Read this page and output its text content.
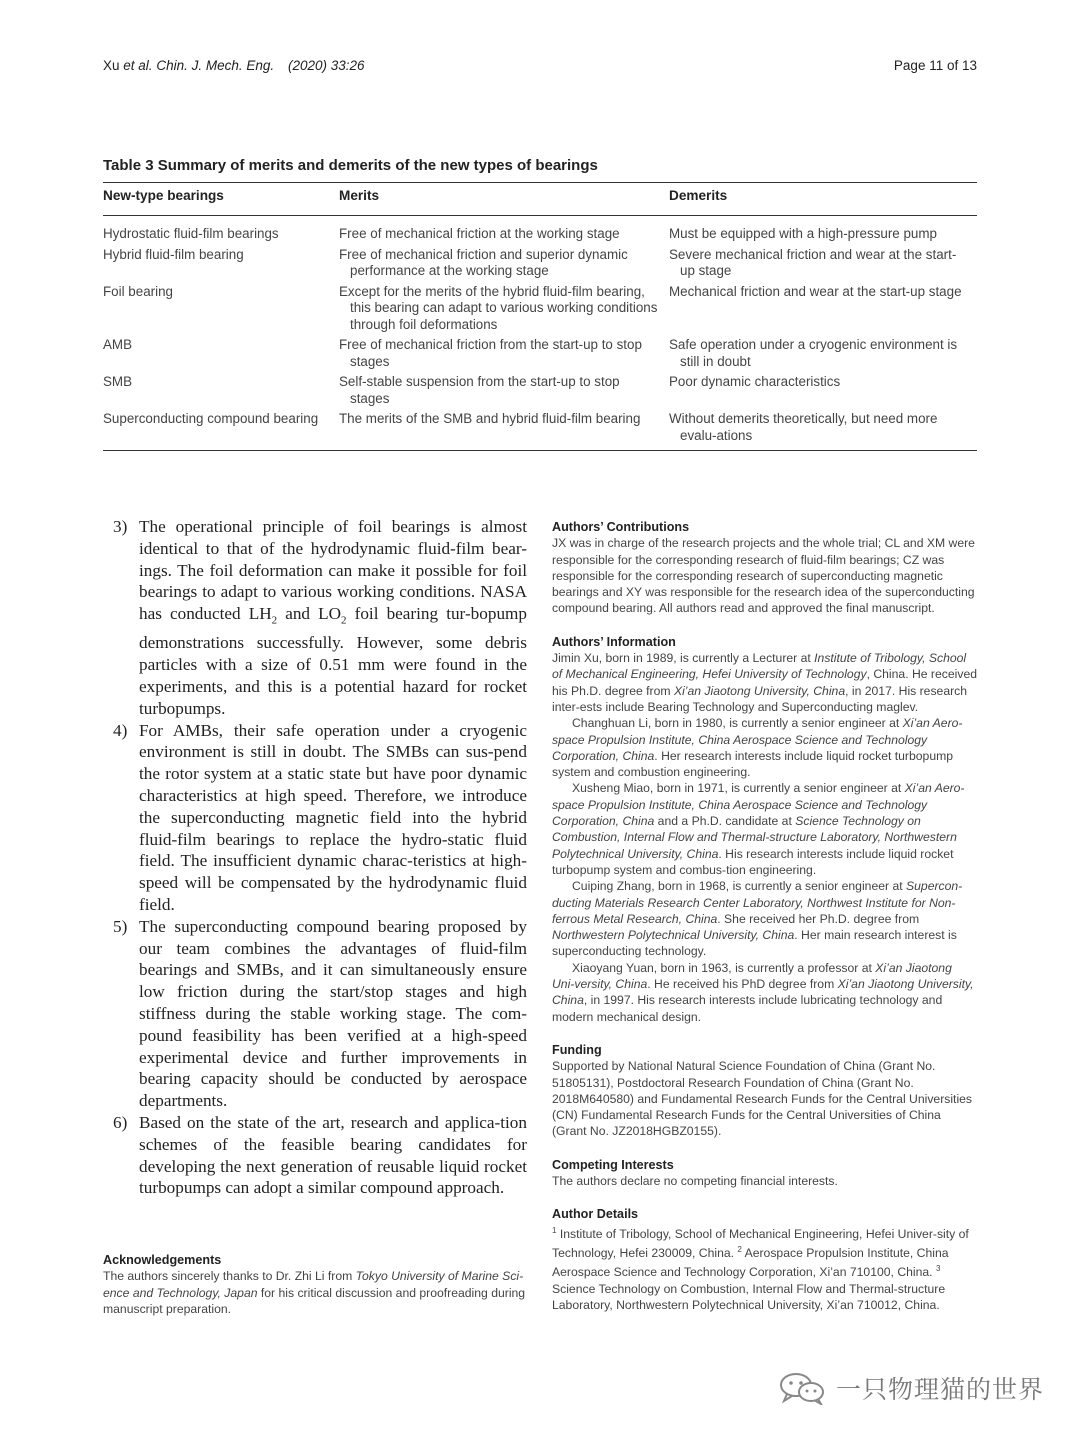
Xu et al. Chin. J. Mech. Eng. (2020) 33:26	Page 11 of 13
Table 3 Summary of merits and demerits of the new types of bearings
New-type bearings	Merits	Demerits
Hydrostatic fluid-film bearings	Free of mechanical friction at the working stage	Must be equipped with a high-pressure pump

Hybrid fluid-film bearing	Free of mechanical friction and superior dynamic performance at the working stage	Severe mechanical friction and wear at the start-up stage

Foil bearing	Except for the merits of the hybrid fluid-film bearing, this bearing can adapt to various working conditions through foil deformations	Mechanical friction and wear at the start-up stage

AMB	Free of mechanical friction from the start-up to stop stages	Safe operation under a cryogenic environment is still in doubt

SMB	Self-stable suspension from the start-up to stop stages	Poor dynamic characteristics

Superconducting compound bearing	The merits of the SMB and hybrid fluid-film bearing	Without demerits theoretically, but need more evalu-ations
3) The operational principle of foil bearings is almost identical to that of the hydrodynamic fluid-film bear-ings. The foil deformation can make it possible for foil bearings to adapt to various working conditions. NASA has conducted $LH_2$ and $LO_2$ foil bearing tur-bopump demonstrations successfully. However, some debris particles with a size of 0.51 mm were found in the experiments, and this is a potential hazard for rocket turbopumps.
4) For AMBs, their safe operation under a cryogenic environment is still in doubt. The SMBs can sus-pend the rotor system at a static state but have poor dynamic characteristics at high speed. Therefore, we introduce the superconducting magnetic field into the hybrid fluid-film bearings to replace the hydro-static fluid field. The insufficient dynamic charac-teristics at high-speed will be compensated by the hydrodynamic fluid field.
5) The superconducting compound bearing proposed by our team combines the advantages of fluid-film bearings and SMBs, and it can simultaneously ensure low friction during the start/stop stages and high stiffness during the stable working stage. The com-pound feasibility has been verified at a high-speed experimental device and further improvements in bearing capacity should be conducted by aerospace departments.
6) Based on the state of the art, research and applica-tion schemes of the feasible bearing candidates for developing the next generation of reusable liquid rocket turbopumps can adopt a similar compound approach.
Acknowledgements
The authors sincerely thanks to Dr. Zhi Li from Tokyo University of Marine Sci-ence and Technology, Japan for his critical discussion and proofreading during manuscript preparation.
Authors’ Contributions

JX was in charge of the research projects and the whole trial; CL and XM were responsible for the corresponding research of fluid-film bearings; CZ was responsible for the corresponding research of superconducting magnetic bearings and XY was responsible for the research idea of the superconducting compound bearing. All authors read and approved the final manuscript.

Authors’ Information

Jimin Xu, born in 1989, is currently a Lecturer at Institute of Tribology, School of Mechanical Engineering, Hefei University of Technology, China. He received his Ph.D. degree from Xi’an Jiaotong University, China, in 2017. His research inter-ests include Bearing Technology and Superconducting maglev.

Changhuan Li, born in 1980, is currently a senior engineer at Xi’an Aero-space Propulsion Institute, China Aerospace Science and Technology Corporation, China. Her research interests include liquid rocket turbopump system and combustion engineering.

Xusheng Miao, born in 1971, is currently a senior engineer at Xi’an Aero-space Propulsion Institute, China Aerospace Science and Technology Corporation, China and a Ph.D. candidate at Science Technology on Combustion, Internal Flow and Thermal-structure Laboratory, Northwestern Polytechnical University, China. His research interests include liquid rocket turbopump system and combus-tion engineering.

Cuiping Zhang, born in 1968, is currently a senior engineer at Supercon-ducting Materials Research Center Laboratory, Northwest Institute for Non-ferrous Metal Research, China. She received her Ph.D. degree from Northwestern Polytechnical University, China. Her main research interest is superconducting technology.

Xiaoyang Yuan, born in 1963, is currently a professor at Xi’an Jiaotong Uni-versity, China. He received his PhD degree from Xi’an Jiaotong University, China, in 1997. His research interests include lubricating technology and modern mechanical design.

Funding

Supported by National Natural Science Foundation of China (Grant No. 51805131), Postdoctoral Research Foundation of China (Grant No. 2018M640580) and Fundamental Research Funds for the Central Universities (CN) Fundamental Research Funds for the Central Universities of China (Grant No. JZ2018HGBZ0155).

Competing Interests

The authors declare no competing financial interests.

Author Details

$^1$ Institute of Tribology, School of Mechanical Engineering, Hefei Univer-sity of Technology, Hefei 230009, China. $^2$ Aerospace Propulsion Institute, China Aerospace Science and Technology Corporation, Xi’an 710100, China. $^3$ Science Technology on Combustion, Internal Flow and Thermal-structure Laboratory, Northwestern Polytechnical University, Xi’an 710012, China.

一只物理猫的世界
